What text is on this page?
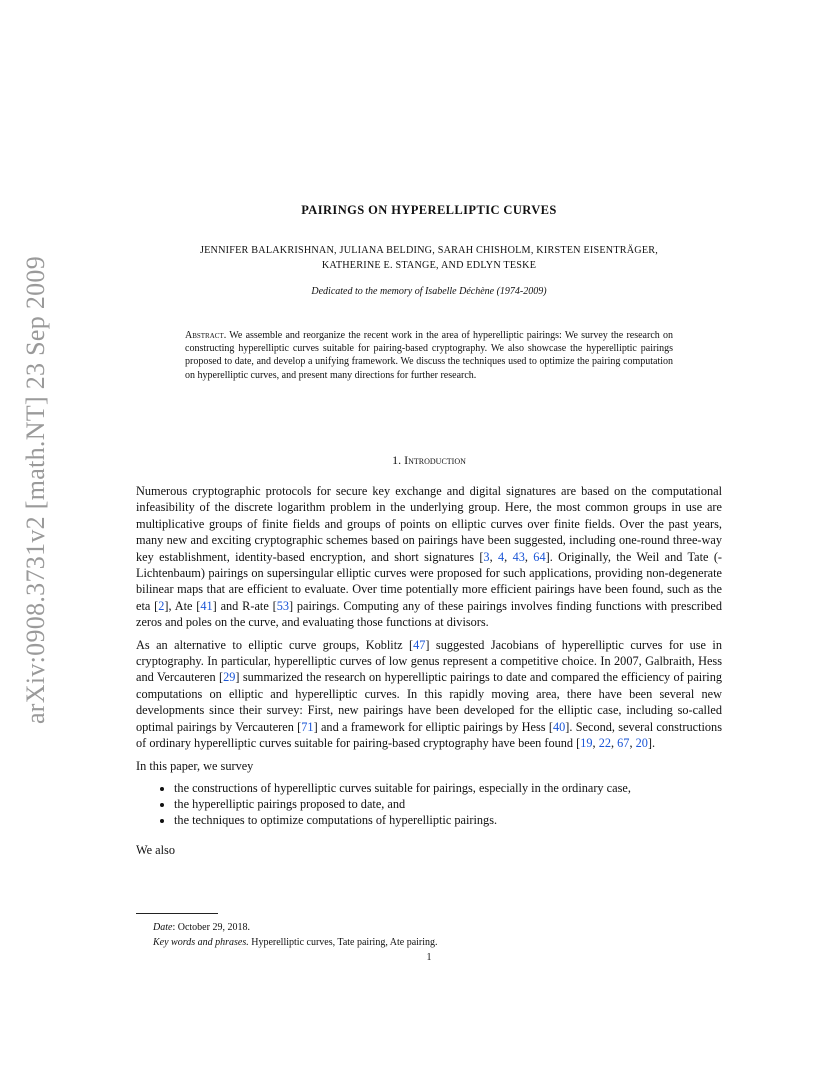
arXiv:0908.3731v2 [math.NT] 23 Sep 2009
PAIRINGS ON HYPERELLIPTIC CURVES
JENNIFER BALAKRISHNAN, JULIANA BELDING, SARAH CHISHOLM, KIRSTEN EISENTRÄGER,
KATHERINE E. STANGE, AND EDLYN TESKE
Dedicated to the memory of Isabelle Déchène (1974-2009)
Abstract. We assemble and reorganize the recent work in the area of hyperelliptic pairings: We survey the research on constructing hyperelliptic curves suitable for pairing-based cryptography. We also showcase the hyperelliptic pairings proposed to date, and develop a unifying framework. We discuss the techniques used to optimize the pairing computation on hyperelliptic curves, and present many directions for further research.
1. Introduction

Numerous cryptographic protocols for secure key exchange and digital signatures are based on the computational infeasibility of the discrete logarithm problem in the underlying group. Here, the most common groups in use are multiplicative groups of finite fields and groups of points on elliptic curves over finite fields. Over the past years, many new and exciting cryptographic schemes based on pairings have been suggested, including one-round three-way key establishment, identity-based encryption, and short signatures [3, 4, 43, 64]. Originally, the Weil and Tate (-Lichtenbaum) pairings on supersingular elliptic curves were proposed for such applications, providing non-degenerate bilinear maps that are efficient to evaluate. Over time potentially more efficient pairings have been found, such as the eta [2], Ate [41] and R-ate [53] pairings. Computing any of these pairings involves finding functions with prescribed zeros and poles on the curve, and evaluating those functions at divisors.

As an alternative to elliptic curve groups, Koblitz [47] suggested Jacobians of hyperelliptic curves for use in cryptography. In particular, hyperelliptic curves of low genus represent a competitive choice. In 2007, Galbraith, Hess and Vercauteren [29] summarized the research on hyperelliptic pairings to date and compared the efficiency of pairing computations on elliptic and hyperelliptic curves. In this rapidly moving area, there have been several new developments since their survey: First, new pairings have been developed for the elliptic case, including so-called optimal pairings by Vercauteren [71] and a framework for elliptic pairings by Hess [40]. Second, several constructions of ordinary hyperelliptic curves suitable for pairing-based cryptography have been found [19, 22, 67, 20].

In this paper, we survey

• the constructions of hyperelliptic curves suitable for pairings, especially in the ordinary case,
• the hyperelliptic pairings proposed to date, and
• the techniques to optimize computations of hyperelliptic pairings.

We also

Date: October 29, 2018.
Key words and phrases. Hyperelliptic curves, Tate pairing, Ate pairing.
1
